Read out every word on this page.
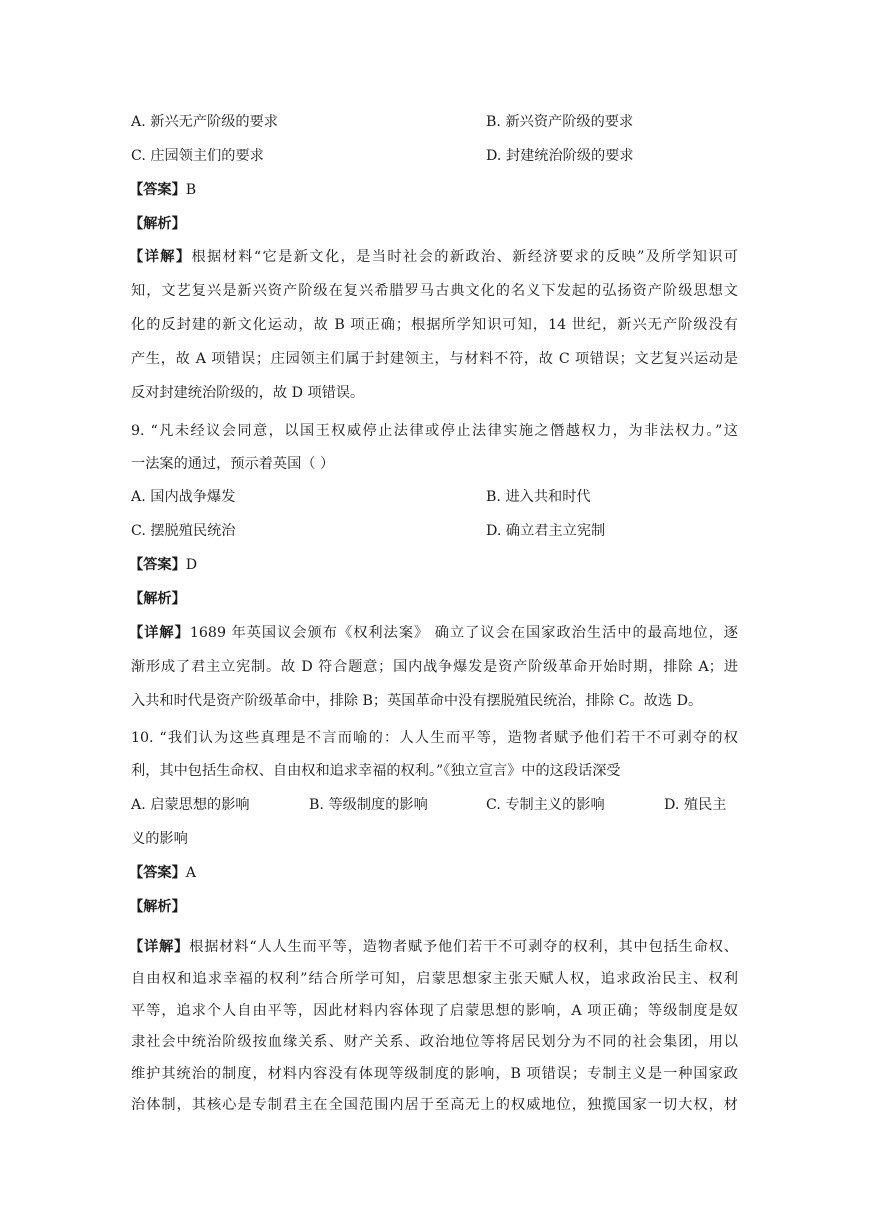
A. 新兴无产阶级的要求	B. 新兴资产阶级的要求
C. 庄园领主们的要求	D. 封建统治阶级的要求
【答案】B
【解析】
【详解】根据材料“它是新文化，是当时社会的新政治、新经济要求的反映”及所学知识可
知，文艺复兴是新兴资产阶级在复兴希腊罗马古典文化的名义下发起的弘扬资产阶级思想文
化的反封建的新文化运动，故 B 项正确；根据所学知识可知，14 世纪，新兴无产阶级没有
产生，故 A 项错误；庄园领主们属于封建领主，与材料不符，故 C 项错误；文艺复兴运动是
反对封建统治阶级的，故 D 项错误。
9. “凡未经议会同意，以国王权威停止法律或停止法律实施之僭越权力，为非法权力。”这
一法案的通过，预示着英国（ ）
A. 国内战争爆发	B. 进入共和时代
C. 摆脱殖民统治	D. 确立君主立宪制
【答案】D
【解析】
【详解】1689 年英国议会颁布《权利法案》 确立了议会在国家政治生活中的最高地位，逐
渐形成了君主立宪制。故 D 符合题意；国内战争爆发是资产阶级革命开始时期，排除 A；进
入共和时代是资产阶级革命中，排除 B；英国革命中没有摆脱殖民统治，排除 C。故选 D。
10. “我们认为这些真理是不言而喻的：人人生而平等，造物者赋予他们若干不可剥夺的权
利，其中包括生命权、自由权和追求幸福的权利。”《独立宣言》中的这段话深受
A. 启蒙思想的影响	B. 等级制度的影响	C. 专制主义的影响	D. 殖民主
义的影响
【答案】A
【解析】
【详解】根据材料“人人生而平等，造物者赋予他们若干不可剥夺的权利，其中包括生命权、
自由权和追求幸福的权利”结合所学可知，启蒙思想家主张天赋人权，追求政治民主、权利
平等，追求个人自由平等，因此材料内容体现了启蒙思想的影响，A 项正确；等级制度是奴
隶社会中统治阶级按血缘关系、财产关系、政治地位等将居民划分为不同的社会集团，用以
维护其统治的制度，材料内容没有体现等级制度的影响，B 项错误；专制主义是一种国家政
治体制，其核心是专制君主在全国范围内居于至高无上的权威地位，独揽国家一切大权，材
